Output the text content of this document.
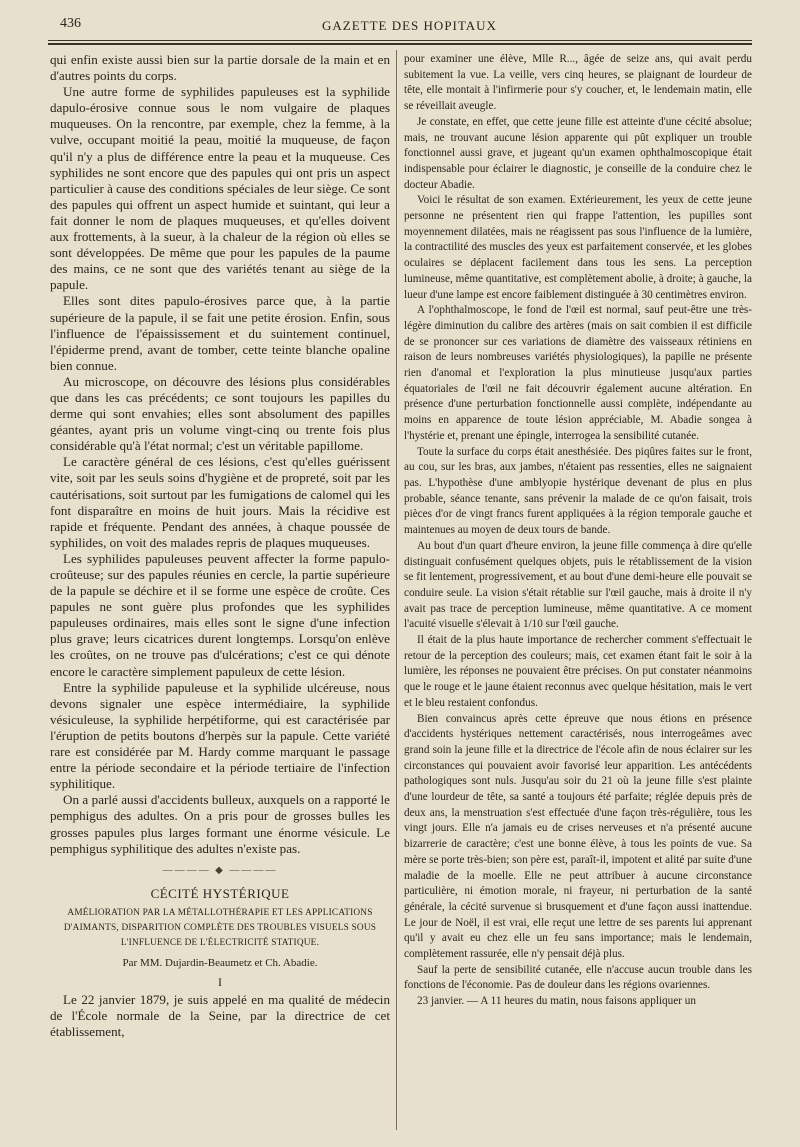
436	GAZETTE DES HOPITAUX

qui enfin existe aussi bien sur la partie dorsale de la main et en d'autres points du corps.

Une autre forme de syphilides papuleuses est la syphilide dapulo-érosive connue sous le nom vulgaire de plaques muqueuses. On la rencontre, par exemple, chez la femme, à la vulve, occupant moitié la peau, moitié la muqueuse, de façon qu'il n'y a plus de différence entre la peau et la muqueuse. Ces syphilides ne sont encore que des papules qui ont pris un aspect particulier à cause des conditions spéciales de leur siège. Ce sont des papules qui offrent un aspect humide et suintant, qui leur a fait donner le nom de plaques muqueuses, et qu'elles doivent aux frottements, à la sueur, à la chaleur de la région où elles se sont développées. De même que pour les papules de la paume des mains, ce ne sont que des variétés tenant au siège de la papule.

Elles sont dites papulo-érosives parce que, à la partie supérieure de la papule, il se fait une petite érosion. Enfin, sous l'influence de l'épaississement et du suintement continuel, l'épiderme prend, avant de tomber, cette teinte blanche opaline bien connue.

Au microscope, on découvre des lésions plus considérables que dans les cas précédents; ce sont toujours les papilles du derme qui sont envahies; elles sont absolument des papilles géantes, ayant pris un volume vingt-cinq ou trente fois plus considérable qu'à l'état normal; c'est un véritable papillome.

Le caractère général de ces lésions, c'est qu'elles guérissent vite, soit par les seuls soins d'hygiène et de propreté, soit par les cautérisations, soit surtout par les fumigations de calomel qui les font disparaître en moins de huit jours. Mais la récidive est rapide et fréquente. Pendant des années, à chaque poussée de syphilides, on voit des malades repris de plaques muqueuses.

Les syphilides papuleuses peuvent affecter la forme papulo-croûteuse; sur des papules réunies en cercle, la partie supérieure de la papule se déchire et il se forme une espèce de croûte. Ces papules ne sont guère plus profondes que les syphilides papuleuses ordinaires, mais elles sont le signe d'une infection plus grave; leurs cicatrices durent longtemps. Lorsqu'on enlève les croûtes, on ne trouve pas d'ulcérations; c'est ce qui dénote encore le caractère simplement papuleux de cette lésion.

Entre la syphilide papuleuse et la syphilide ulcéreuse, nous devons signaler une espèce intermédiaire, la syphilide vésiculeuse, la syphilide herpétiforme, qui est caractérisée par l'éruption de petits boutons d'herpès sur la papule. Cette variété rare est considérée par M. Hardy comme marquant le passage entre la période secondaire et la période tertiaire de l'infection syphilitique.

On a parlé aussi d'accidents bulleux, auxquels on a rapporté le pemphigus des adultes. On a pris pour de grosses bulles les grosses papules plus larges formant une énorme vésicule. Le pemphigus syphilitique des adultes n'existe pas.

———— ◆ ————
CÉCITÉ HYSTÉRIQUE
AMÉLIORATION PAR LA MÉTALLOTHÉRAPIE ET LES APPLICATIONS D'AIMANTS, DISPARITION COMPLÈTE DES TROUBLES VISUELS SOUS L'INFLUENCE DE L'ÉLECTRICITÉ STATIQUE.
Par MM. Dujardin-Beaumetz et Ch. Abadie.
I

Le 22 janvier 1879, je suis appelé en ma qualité de médecin de l'École normale de la Seine, par la directrice de cet établissement,

pour examiner une élève, Mlle R..., âgée de seize ans, qui avait perdu subitement la vue. La veille, vers cinq heures, se plaignant de lourdeur de tête, elle montait à l'infirmerie pour s'y coucher, et, le lendemain matin, elle se réveillait aveugle.

Je constate, en effet, que cette jeune fille est atteinte d'une cécité absolue; mais, ne trouvant aucune lésion apparente qui pût expliquer un trouble fonctionnel aussi grave, et jugeant qu'un examen ophthalmoscopique était indispensable pour éclairer le diagnostic, je conseille de la conduire chez le docteur Abadie.

Voici le résultat de son examen. Extérieurement, les yeux de cette jeune personne ne présentent rien qui frappe l'attention, les pupilles sont moyennement dilatées, mais ne réagissent pas sous l'influence de la lumière, la contractilité des muscles des yeux est parfaitement conservée, et les globes oculaires se déplacent facilement dans tous les sens. La perception lumineuse, même quantitative, est complètement abolie, à droite; à gauche, la lueur d'une lampe est encore faiblement distinguée à 30 centimètres environ.

A l'ophthalmoscope, le fond de l'œil est normal, sauf peut-être une très-légère diminution du calibre des artères (mais on sait combien il est difficile de se prononcer sur ces variations de diamètre des vaisseaux rétiniens en raison de leurs nombreuses variétés physiologiques), la papille ne présente rien d'anomal et l'exploration la plus minutieuse jusqu'aux parties équatoriales de l'œil ne fait découvrir également aucune altération. En présence d'une perturbation fonctionnelle aussi complète, indépendante au moins en apparence de toute lésion appréciable, M. Abadie songea à l'hystérie et, prenant une épingle, interrogea la sensibilité cutanée.

Toute la surface du corps était anesthésiée. Des piqûres faites sur le front, au cou, sur les bras, aux jambes, n'étaient pas ressenties, elles ne saignaient pas. L'hypothèse d'une amblyopie hystérique devenant de plus en plus probable, séance tenante, sans prévenir la malade de ce qu'on faisait, trois pièces d'or de vingt francs furent appliquées à la région temporale gauche et maintenues au moyen de deux tours de bande.

Au bout d'un quart d'heure environ, la jeune fille commença à dire qu'elle distinguait confusément quelques objets, puis le rétablissement de la vision se fit lentement, progressivement, et au bout d'une demi-heure elle pouvait se conduire seule. La vision s'était rétablie sur l'œil gauche, mais à droite il n'y avait pas trace de perception lumineuse, même quantitative. A ce moment l'acuité visuelle s'élevait à 1/10 sur l'œil gauche.

Il était de la plus haute importance de rechercher comment s'effectuait le retour de la perception des couleurs; mais, cet examen étant fait le soir à la lumière, les réponses ne pouvaient être précises. On put constater néanmoins que le rouge et le jaune étaient reconnus avec quelque hésitation, mais le vert et le bleu restaient confondus.

Bien convaincus après cette épreuve que nous étions en présence d'accidents hystériques nettement caractérisés, nous interrogeâmes avec grand soin la jeune fille et la directrice de l'école afin de nous éclairer sur les circonstances qui pouvaient avoir favorisé leur apparition. Les antécédents pathologiques sont nuls. Jusqu'au soir du 21 où la jeune fille s'est plainte d'une lourdeur de tête, sa santé a toujours été parfaite; réglée depuis près de deux ans, la menstruation s'est effectuée d'une façon très-régulière, tous les vingt jours. Elle n'a jamais eu de crises nerveuses et n'a présenté aucune bizarrerie de caractère; c'est une bonne élève, à tous les points de vue. Sa mère se porte très-bien; son père est, paraît-il, impotent et alité par suite d'une maladie de la moelle. Elle ne peut attribuer à aucune circonstance particulière, ni émotion morale, ni frayeur, ni perturbation de la santé générale, la cécité survenue si brusquement et d'une façon aussi inattendue. Le jour de Noël, il est vrai, elle reçut une lettre de ses parents lui apprenant qu'il y avait eu chez elle un feu sans importance; mais le lendemain, complètement rassurée, elle n'y pensait déjà plus.

Sauf la perte de sensibilité cutanée, elle n'accuse aucun trouble dans les fonctions de l'économie. Pas de douleur dans les régions ovariennes.

23 janvier. — A 11 heures du matin, nous faisons appliquer un
